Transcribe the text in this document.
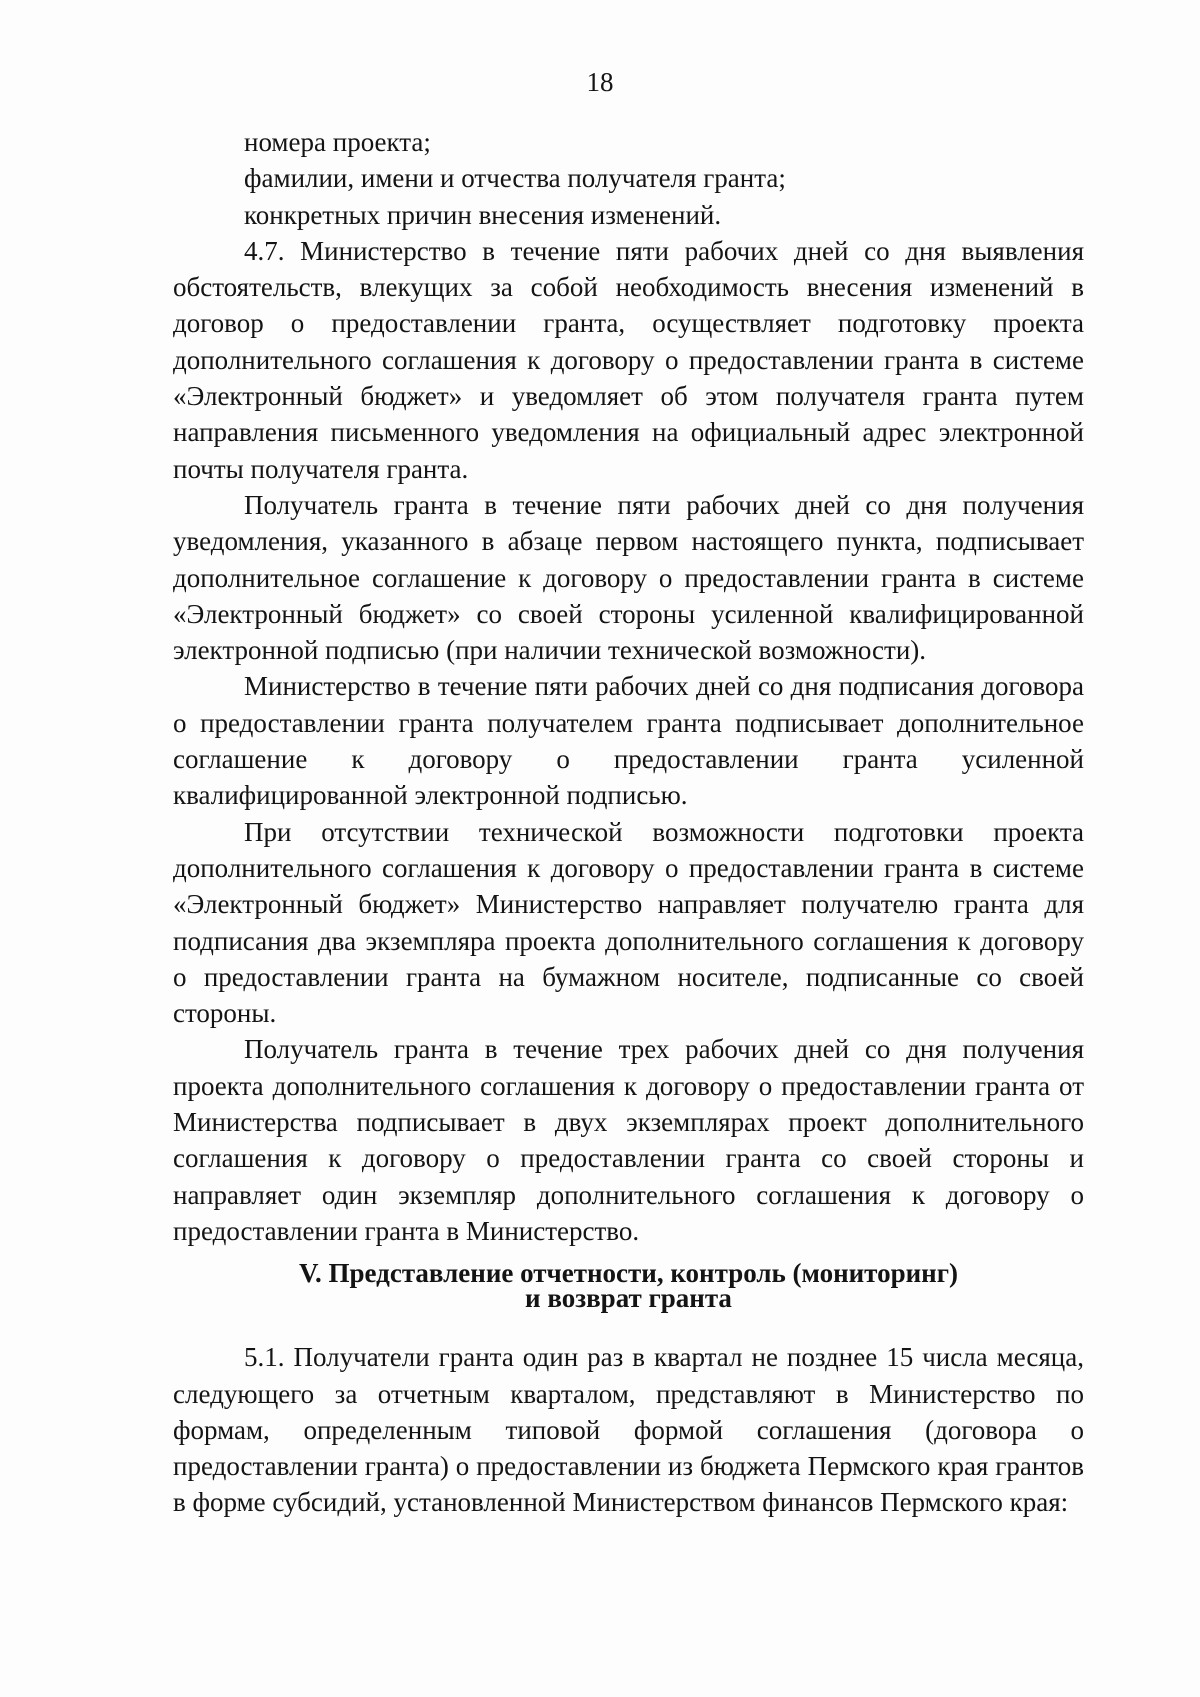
18

номера проекта;

фамилии, имени и отчества получателя гранта;

конкретных причин внесения изменений.

4.7. Министерство в течение пяти рабочих дней со дня выявления обстоятельств, влекущих за собой необходимость внесения изменений в договор о предоставлении гранта, осуществляет подготовку проекта дополнительного соглашения к договору о предоставлении гранта в системе «Электронный бюджет» и уведомляет об этом получателя гранта путем направления письменного уведомления на официальный адрес электронной почты получателя гранта.

Получатель гранта в течение пяти рабочих дней со дня получения уведомления, указанного в абзаце первом настоящего пункта, подписывает дополнительное соглашение к договору о предоставлении гранта в системе «Электронный бюджет» со своей стороны усиленной квалифицированной электронной подписью (при наличии технической возможности).

Министерство в течение пяти рабочих дней со дня подписания договора о предоставлении гранта получателем гранта подписывает дополнительное соглашение к договору о предоставлении гранта усиленной квалифицированной электронной подписью.

При отсутствии технической возможности подготовки проекта дополнительного соглашения к договору о предоставлении гранта в системе «Электронный бюджет» Министерство направляет получателю гранта для подписания два экземпляра проекта дополнительного соглашения к договору о предоставлении гранта на бумажном носителе, подписанные со своей стороны.

Получатель гранта в течение трех рабочих дней со дня получения проекта дополнительного соглашения к договору о предоставлении гранта от Министерства подписывает в двух экземплярах проект дополнительного соглашения к договору о предоставлении гранта со своей стороны и направляет один экземпляр дополнительного соглашения к договору о предоставлении гранта в Министерство.

V. Представление отчетности, контроль (мониторинг)
и возврат гранта

5.1. Получатели гранта один раз в квартал не позднее 15 числа месяца, следующего за отчетным кварталом, представляют в Министерство по формам, определенным типовой формой соглашения (договора о предоставлении гранта) о предоставлении из бюджета Пермского края грантов в форме субсидий, установленной Министерством финансов Пермского края:
